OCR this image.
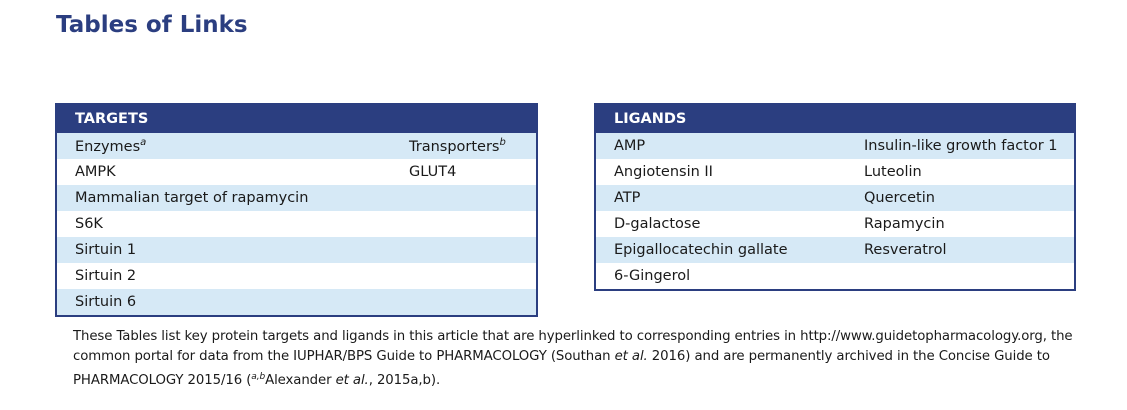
Tables of Links
TARGETS	
Enzymes$^a$	Transporters$^b$
AMPK	GLUT4
Mammalian target of rapamycin	
S6K	
Sirtuin 1	
Sirtuin 2	
Sirtuin 6	
LIGANDS	
AMP	Insulin-like growth factor 1
Angiotensin II	Luteolin
ATP	Quercetin
D-galactose	Rapamycin
Epigallocatechin gallate	Resveratrol
6-Gingerol	

These Tables list key protein targets and ligands in this article that are hyperlinked to corresponding entries in http://www.guidetopharmacology.org, the common portal for data from the IUPHAR/BPS Guide to PHARMACOLOGY (Southan et al. 2016) and are permanently archived in the Concise Guide to PHARMACOLOGY 2015/16 ($^{a,b}$Alexander et al., 2015a,b).
